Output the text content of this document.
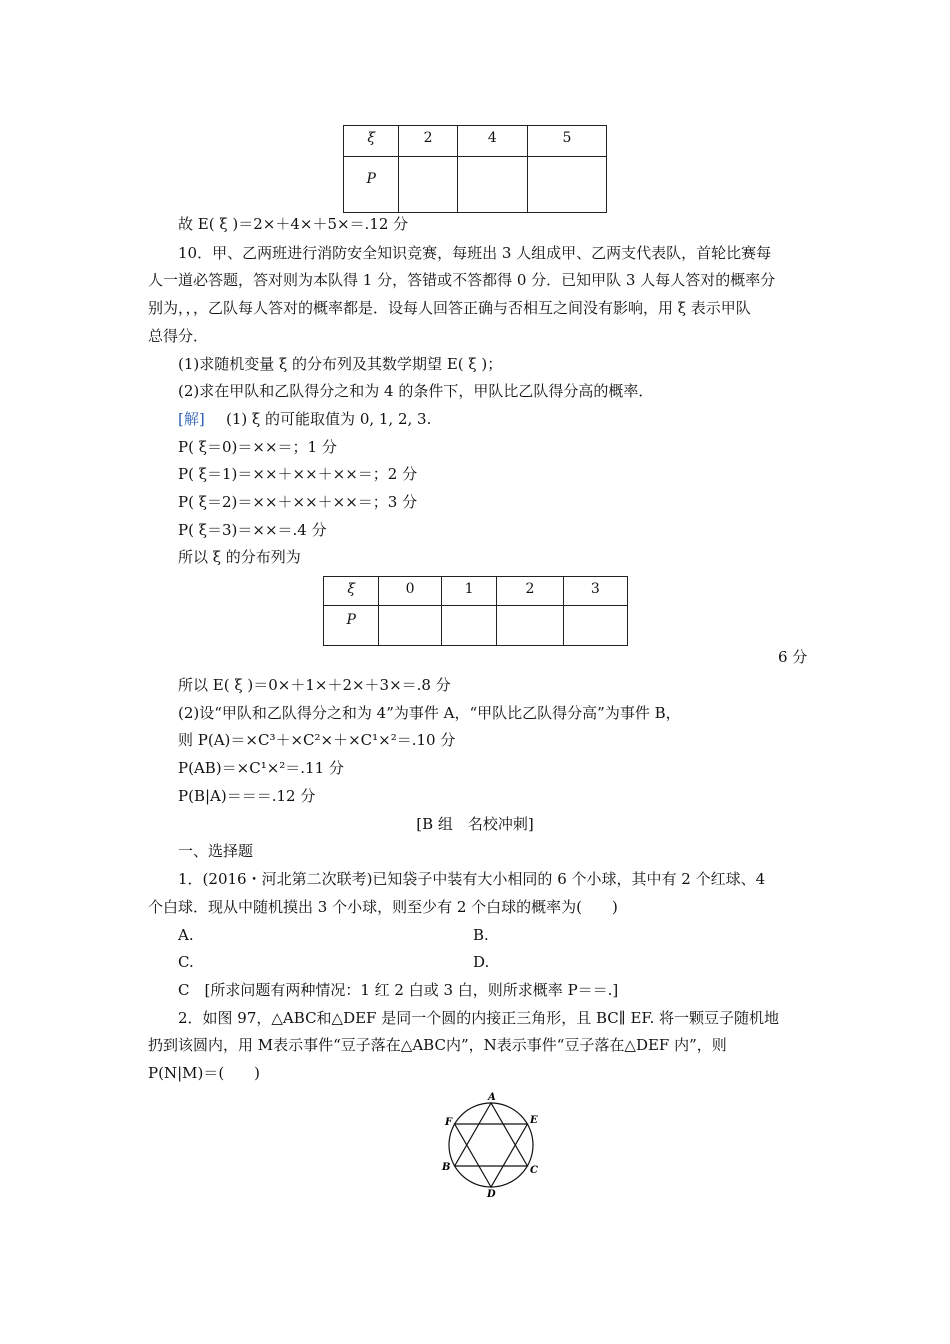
ξ	2	4	5
P			
故 E( ξ )＝2×＋4×＋5×＝.12 分
10．甲、乙两班进行消防安全知识竞赛，每班出 3 人组成甲、乙两支代表队，首轮比赛每
人一道必答题，答对则为本队得 1 分，答错或不答都得 0 分．已知甲队 3 人每人答对的概率分
别为，，，乙队每人答对的概率都是．设每人回答正确与否相互之间没有影响，用 ξ 表示甲队
总得分．
(1)求随机变量 ξ 的分布列及其数学期望 E( ξ )；
(2)求在甲队和乙队得分之和为 4 的条件下，甲队比乙队得分高的概率．
[解] (1) ξ 的可能取值为 0, 1, 2, 3.
P( ξ＝0)＝××＝；1 分
P( ξ＝1)＝××＋××＋××＝；2 分
P( ξ＝2)＝××＋××＋××＝；3 分
P( ξ＝3)＝××＝.4 分
所以 ξ 的分布列为
ξ	0	1	2	3
P				
6 分
所以 E( ξ )＝0×＋1×＋2×＋3×＝.8 分
(2)设“甲队和乙队得分之和为 4”为事件 A，“甲队比乙队得分高”为事件 B，
则 P(A)＝×C³＋×C²×＋×C¹×²＝.10 分
P(AB)＝×C¹×²＝.11 分
P(B|A)＝＝＝.12 分
[B 组　名校冲刺]
一、选择题
1．(2016・河北第二次联考)已知袋子中装有大小相同的 6 个小球，其中有 2 个红球、4
个白球．现从中随机摸出 3 个小球，则至少有 2 个白球的概率为(　　)
A.	B.
C.	D.
C　[所求问题有两种情况：1 红 2 白或 3 白，则所求概率 P＝＝.]
2．如图 97，△ABC和△DEF 是同一个圆的内接正三角形，且 BC∥ EF. 将一颗豆子随机地
扔到该圆内，用 M表示事件“豆子落在△ABC内”，N表示事件“豆子落在△DEF 内”，则
P(N|M)＝(　　)
A
D
F	E
B	C
